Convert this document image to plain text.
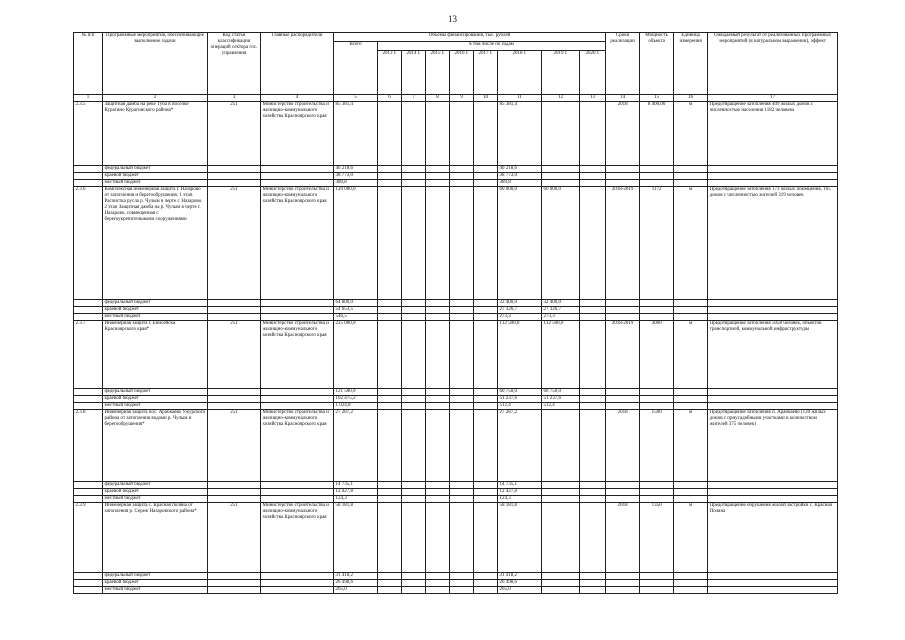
13
№ п/п	Программные мероприятия, обеспечивающие выполнение задачи	Код статьи классификации операций сектора гос. управления	Главные распорядители	Объемы финансирования, тыс. рублей									Сроки реализации	Мощность объекта	Единица измерения	Ожидаемый результат от реализованных программных мероприятий (в натуральном выражении), эффект
				Всего	в том числе по годам											
					2013 г.	2014 г.	2015 г.	2016 г.	2017 г.	2018 г.	2019 г.	2020 г.				
1	2	3	4	5	6	7	8	9	10	11	12	13	14	15	16	17
2.3.5	Защитная дамба на реке Туба в поселке Курагино Курагинского района*	251	Министерство строительства и жилищно-коммунального хозяйства Красноярского края	85 381,4						85 381,4			2018	8 400,00	м	Предотвращение затопления 409 жилых домов с численностью населения 1182 человека
	федеральный бюджет			46 218,6						46 218,6						
	краевой бюджет			38 773,0						38 773,0						
	местный бюджет			389,8						389,8						
2.3.6	Комплексная инженерная защита г. Назарово от затопления и берегообрушения. 1 этап. Расчистка русла р. Чулым в черте г. Назарово. 2 этап Защитная дамба на р. Чулым в черте г. Назарово, совмещенная с берегоукрепительными сооружениями	251	Министерство строительства и жилищно-коммунального хозяйства Красноярского края	120 000,0						60 000,0	60 000,0		2018-2019	1172	м	Предотвращение затопления 173 жилых помещения, 165 домов с численностью жителей 319 человек
	федеральный бюджет			64 800,0						32 400,0	32 400,0					
	краевой бюджет			54 653,5						27 326,7	27 326,7					
	местный бюджет			546,5						273,3	273,3					
2.3.7	Инженерная защита г. Енисейска Красноярского края*	251	Министерство строительства и жилищно-коммунального хозяйства Красноярского края	225 000,0						112 500,0	112 500,0		2018-2019	3000	м	Предотвращение затопления 5058 человек, объектов транспортной, коммунальной инфраструктуры
	федеральный бюджет			121 500,0						60 750,0	60 750,0					
	краевой бюджет			102 475,2						51 237,6	51 237,6					
	местный бюджет			1 024,8						512,4	512,4					
2.3.8	Инженерная защита пос. Арабкаево Ужурского района от затопления водами р. Чулым и берегообрушения*	251	Министерство строительства и жилищно-коммунального хозяйства Красноярского края	27 287,2						27 287,2			2018	1500	м	Предотвращение затопления п. Арабкаево (120 жилых домов с приусадебными участками и количеством жителей 375 человек)
	федеральный бюджет			14 735,1						14 735,1						
	краевой бюджет			12 427,8						12 427,8						
	местный бюджет			124,3						124,3						
2.3.9	Инженерная защита с. Красная поляна от затопления р. Сереж Назаровского района*	251	Министерство строительства и жилищно-коммунального хозяйства Красноярского края	58 181,8						58 181,8			2018	1350	м	Предотвращение обрушения жилой застройки с. Красная Поляна
	федеральный бюджет			31 418,2						31 418,2						
	краевой бюджет			26 498,6						26 498,6						
	местный бюджет			265,0						265,0						
